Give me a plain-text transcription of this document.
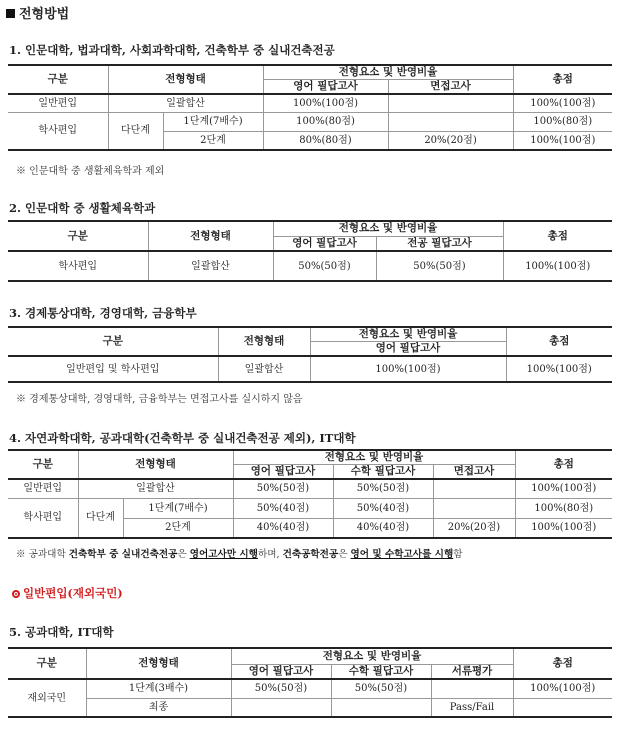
전형방법
1. 인문대학, 법과대학, 사회과학대학, 건축학부 중 실내건축전공
구분	전형형태		전형요소 및 반영비율		총점
			영어 필답고사	면접고사	
일반편입	일괄합산		100%(100점)		100%(100점)
학사편입	다단계	1단계(7배수)	100%(80점)		100%(80점)
		2단계	80%(80점)	20%(20점)	100%(100점)
※ 인문대학 중 생활체육학과 제외
2. 인문대학 중 생활체육학과
구분	전형형태	전형요소 및 반영비율		총점
		영어 필답고사	전공 필답고사	
학사편입	일괄합산	50%(50점)	50%(50점)	100%(100점)
3. 경제통상대학, 경영대학, 금융학부
구분	전형형태	전형요소 및 반영비율	총점
		영어 필답고사	
일반편입 및 학사편입	일괄합산	100%(100점)	100%(100점)
※ 경제통상대학, 경영대학, 금융학부는 면접고사를 실시하지 않음
4. 자연과학대학, 공과대학(건축학부 중 실내건축전공 제외), IT대학
구분	전형형태		전형요소 및 반영비율			총점
			영어 필답고사	수학 필답고사	면접고사	
일반편입	일괄합산		50%(50점)	50%(50점)		100%(100점)
학사편입	다단계	1단계(7배수)	50%(40점)	50%(40점)		100%(80점)
		2단계	40%(40점)	40%(40점)	20%(20점)	100%(100점)
※ 공과대학 건축학부 중 실내건축전공은 영어고사만 시행하며, 건축공학전공은 영어 및 수학고사를 시행함
일반편입(재외국민)
5. 공과대학, IT대학
구분	전형형태	전형요소 및 반영비율			총점
		영어 필답고사	수학 필답고사	서류평가	
재외국민	1단계(3배수)	50%(50점)	50%(50점)		100%(100점)
	최종			Pass/Fail	
